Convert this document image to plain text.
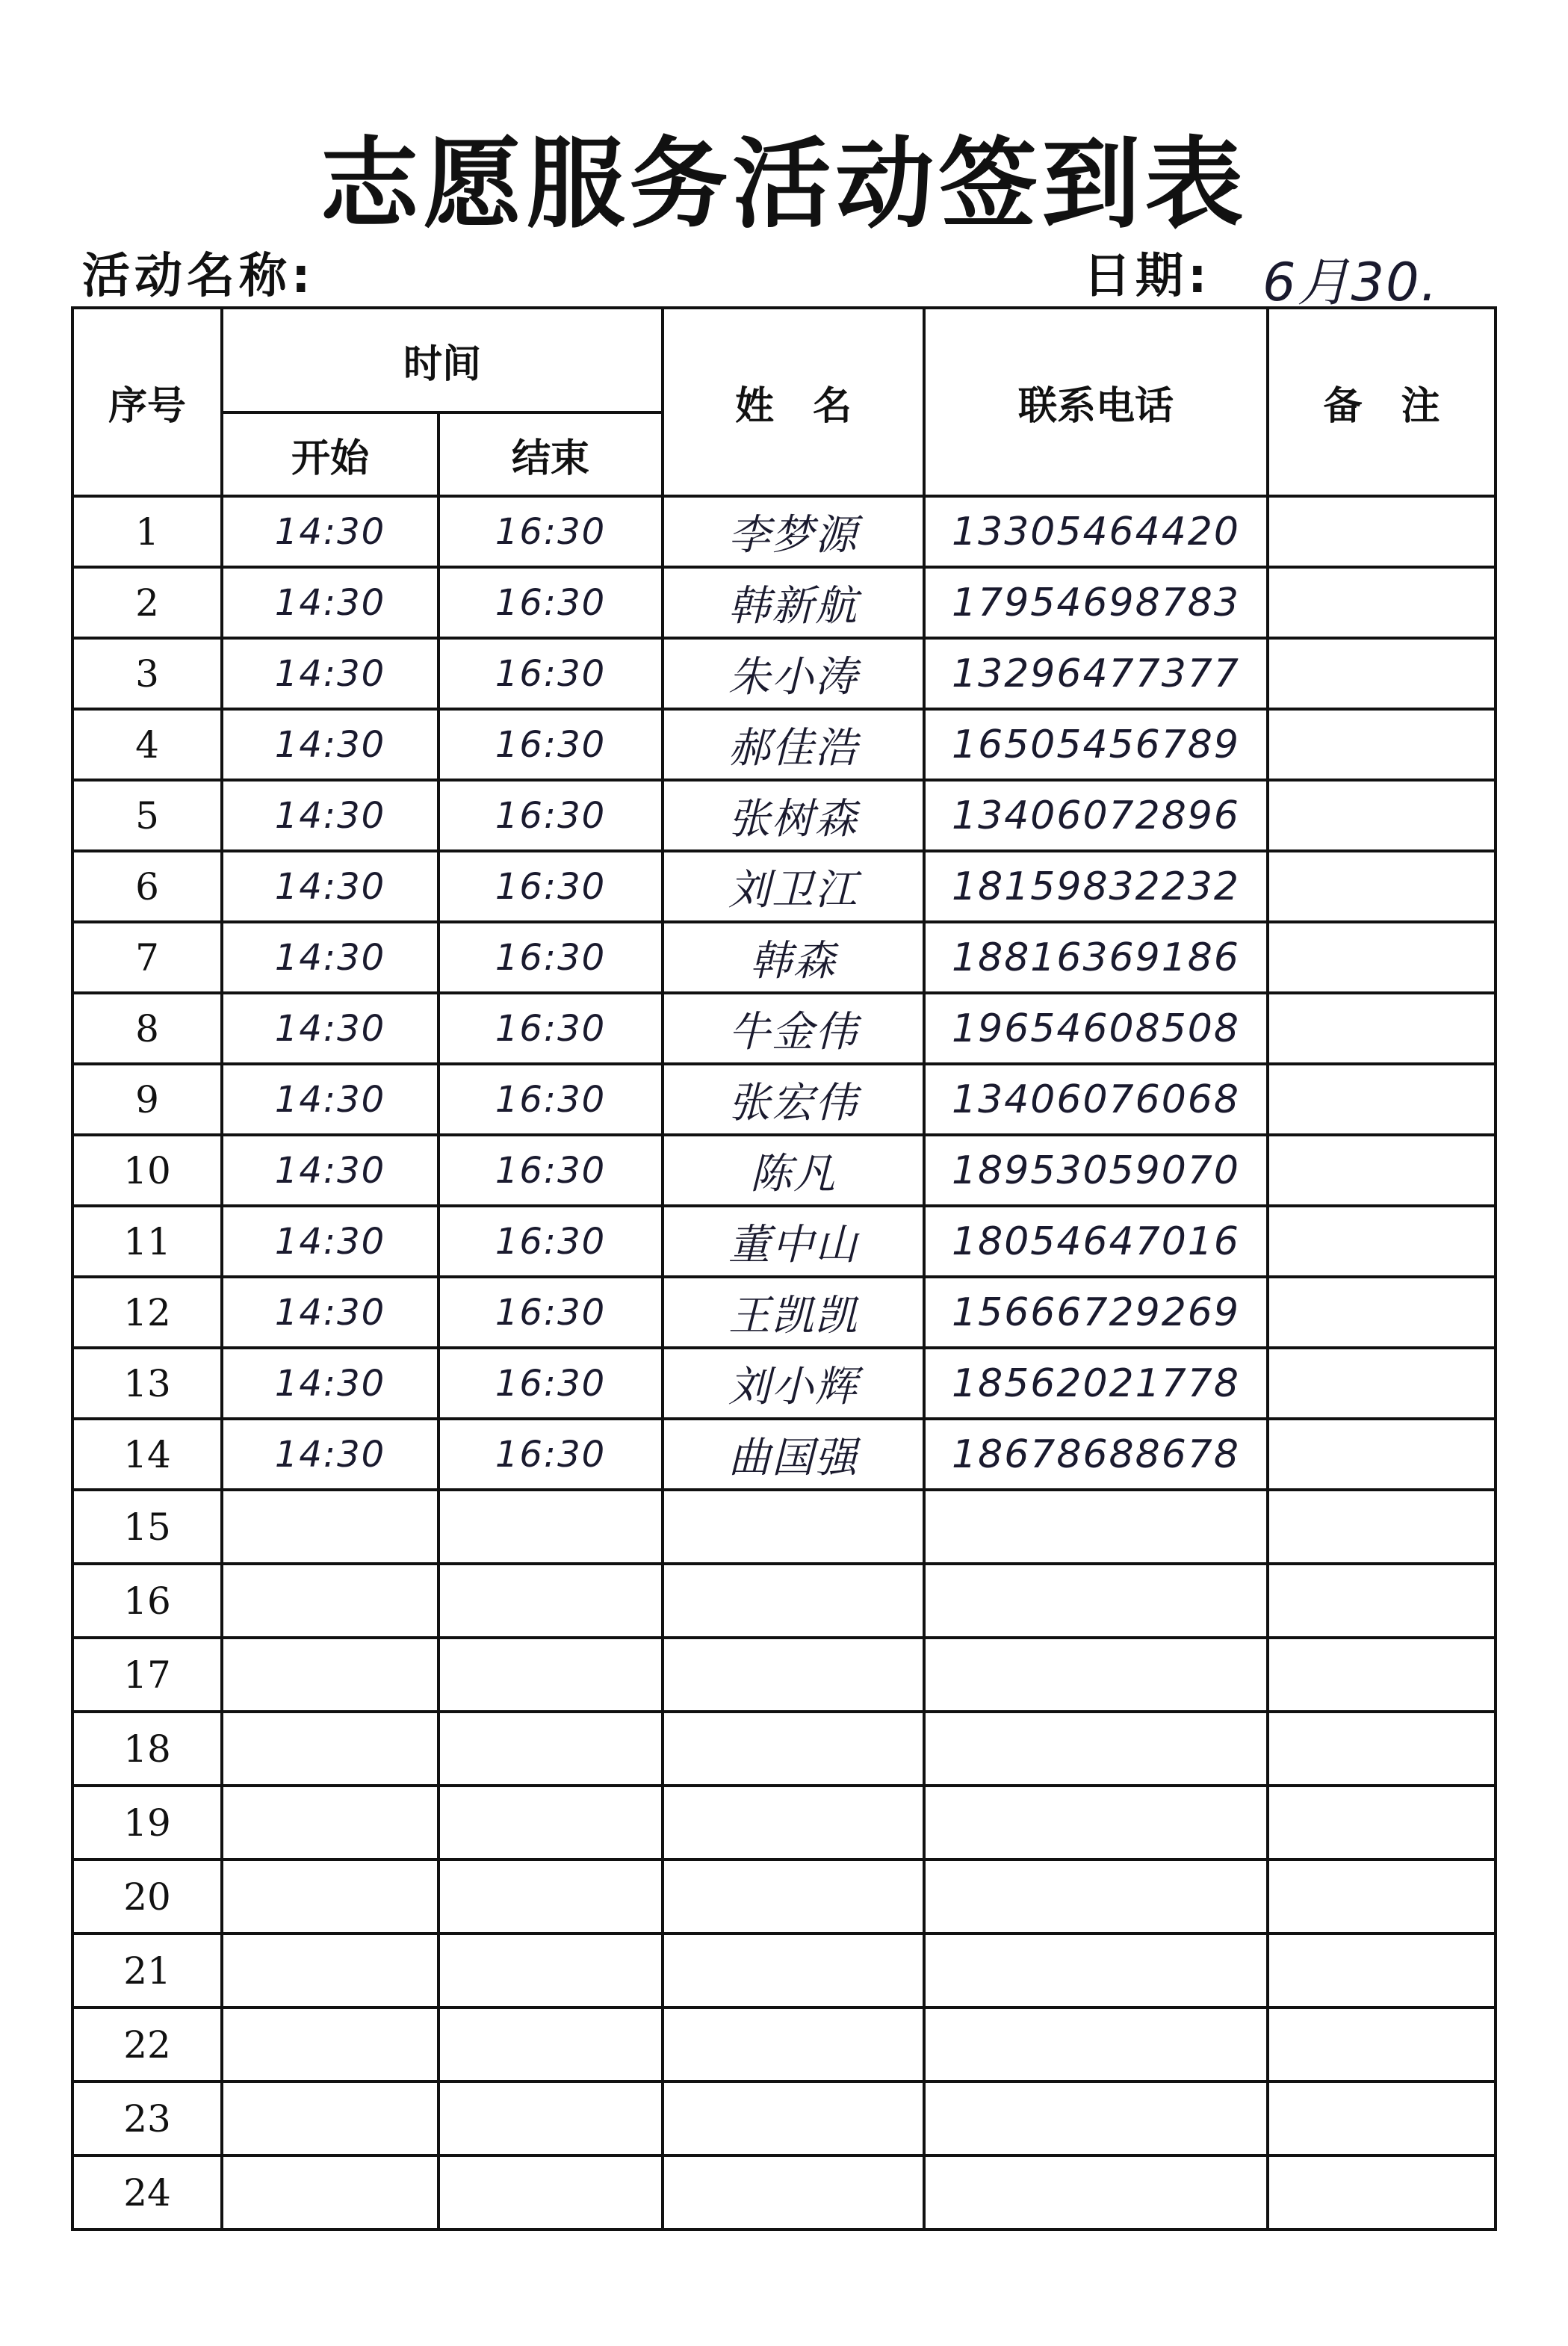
志愿服务活动签到表
活动名称:	日期: 6月30.
序号	时间		姓　名	联系电话	备　注
	开始	结束			
1	14:30	16:30	李梦源	13305464420	
2	14:30	16:30	韩新航	17954698783	
3	14:30	16:30	朱小涛	13296477377	
4	14:30	16:30	郝佳浩	16505456789	
5	14:30	16:30	张树森	13406072896	
6	14:30	16:30	刘卫江	18159832232	
7	14:30	16:30	韩森	18816369186	
8	14:30	16:30	牛金伟	19654608508	
9	14:30	16:30	张宏伟	13406076068	
10	14:30	16:30	陈凡	18953059070	
11	14:30	16:30	董中山	18054647016	
12	14:30	16:30	王凯凯	15666729269	
13	14:30	16:30	刘小辉	18562021778	
14	14:30	16:30	曲国强	18678688678	
15					
16					
17					
18					
19					
20					
21					
22					
23					
24					
